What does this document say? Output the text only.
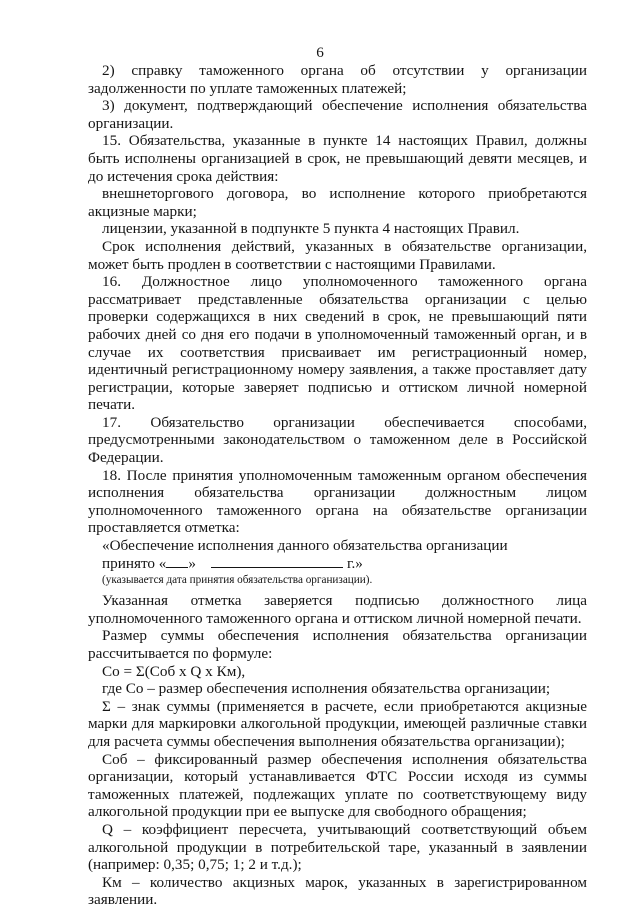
6

2) справку таможенного органа об отсутствии у организации задолженности по уплате таможенных платежей;

3) документ, подтверждающий обеспечение исполнения обязательства организации.

15. Обязательства, указанные в пункте 14 настоящих Правил, должны быть исполнены организацией в срок, не превышающий девяти месяцев, и до истечения срока действия:

внешнеторгового договора, во исполнение которого приобретаются акцизные марки;

лицензии, указанной в подпункте 5 пункта 4 настоящих Правил.

Срок исполнения действий, указанных в обязательстве организации, может быть продлен в соответствии с настоящими Правилами.

16. Должностное лицо уполномоченного таможенного органа рассматривает представленные обязательства организации с целью проверки содержащихся в них сведений в срок, не превышающий пяти рабочих дней со дня его подачи в уполномоченный таможенный орган, и в случае их соответствия присваивает им регистрационный номер, идентичный регистрационному номеру заявления, а также проставляет дату регистрации, которые заверяет подписью и оттиском личной номерной печати.

17. Обязательство организации обеспечивается способами, предусмотренными законодательством о таможенном деле в Российской Федерации.

18. После принятия уполномоченным таможенным органом обеспечения исполнения обязательства организации должностным лицом уполномоченного таможенного органа на обязательстве организации проставляется отметка:

«Обеспечение исполнения данного обязательства организации

принято « »	г.»

(указывается дата принятия обязательства организации).

Указанная отметка заверяется подписью должностного лица уполномоченного таможенного органа и оттиском личной номерной печати.

Размер суммы обеспечения исполнения обязательства организации рассчитывается по формуле:

Со = Σ(Соб x Q x Км),

где Со – размер обеспечения исполнения обязательства организации;

Σ – знак суммы (применяется в расчете, если приобретаются акцизные марки для маркировки алкогольной продукции, имеющей различные ставки для расчета суммы обеспечения выполнения обязательства организации);

Соб – фиксированный размер обеспечения исполнения обязательства организации, который устанавливается ФТС России исходя из суммы таможенных платежей, подлежащих уплате по соответствующему виду алкогольной продукции при ее выпуске для свободного обращения;

Q – коэффициент пересчета, учитывающий соответствующий объем алкогольной продукции в потребительской таре, указанный в заявлении (например: 0,35; 0,75; 1; 2 и т.д.);

Км – количество акцизных марок, указанных в зарегистрированном заявлении.
